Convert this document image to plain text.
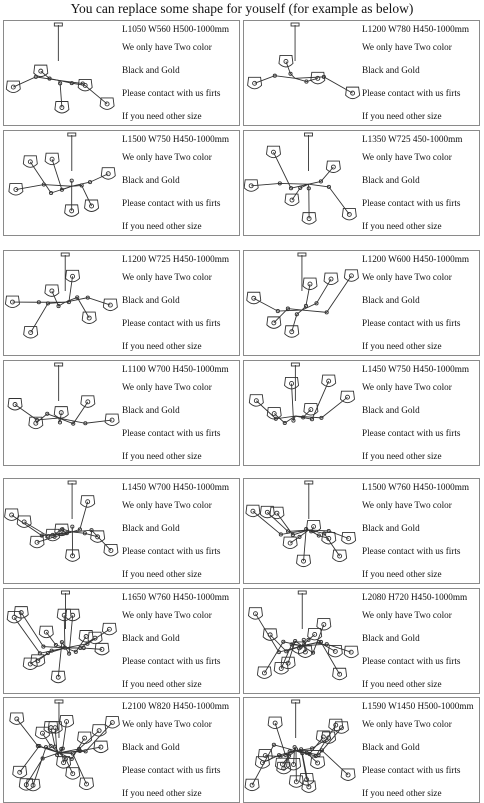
You can replace some shape for youself (for example as below)
L1050 W560 H500-1000mm
We only have Two color
Black and Gold
Please contact with us firts
If you need other size
L1200 W780 H450-1000mm
We only have Two color
Black and Gold
Please contact with us firts
If you need other size
L1500 W750 H450-1000mm
We only have Two color
Black and Gold
Please contact with us firts
If you need other size
L1350 W725 450-1000mm
We only have Two color
Black and Gold
Please contact with us firts
If you need other size
L1200 W725 H450-1000mm
We only have Two color
Black and Gold
Please contact with us firts
If you need other size
L1200 W600 H450-1000mm
We only have Two color
Black and Gold
Please contact with us firts
If you need other size
L1100 W700 H450-1000mm
We only have Two color
Black and Gold
Please contact with us firts
If you need other size
L1450 W750 H450-1000mm
We only have Two color
Black and Gold
Please contact with us firts
If you need other size
L1450 W700 H450-1000mm
We only have Two color
Black and Gold
Please contact with us firts
If you need other size
L1500 W760 H450-1000mm
We only have Two color
Black and Gold
Please contact with us firts
If you need other size
L1650 W760 H450-1000mm
We only have Two color
Black and Gold
Please contact with us firts
If you need other size
L2080 H720 H450-1000mm
We only have Two color
Black and Gold
Please contact with us firts
If you need other size
L2100 W820 H450-1000mm
We only have Two color
Black and Gold
Please contact with us firts
If you need other size
L1590 W1450 H500-1000mm
We only have Two color
Black and Gold
Please contact with us firts
If you need other size
